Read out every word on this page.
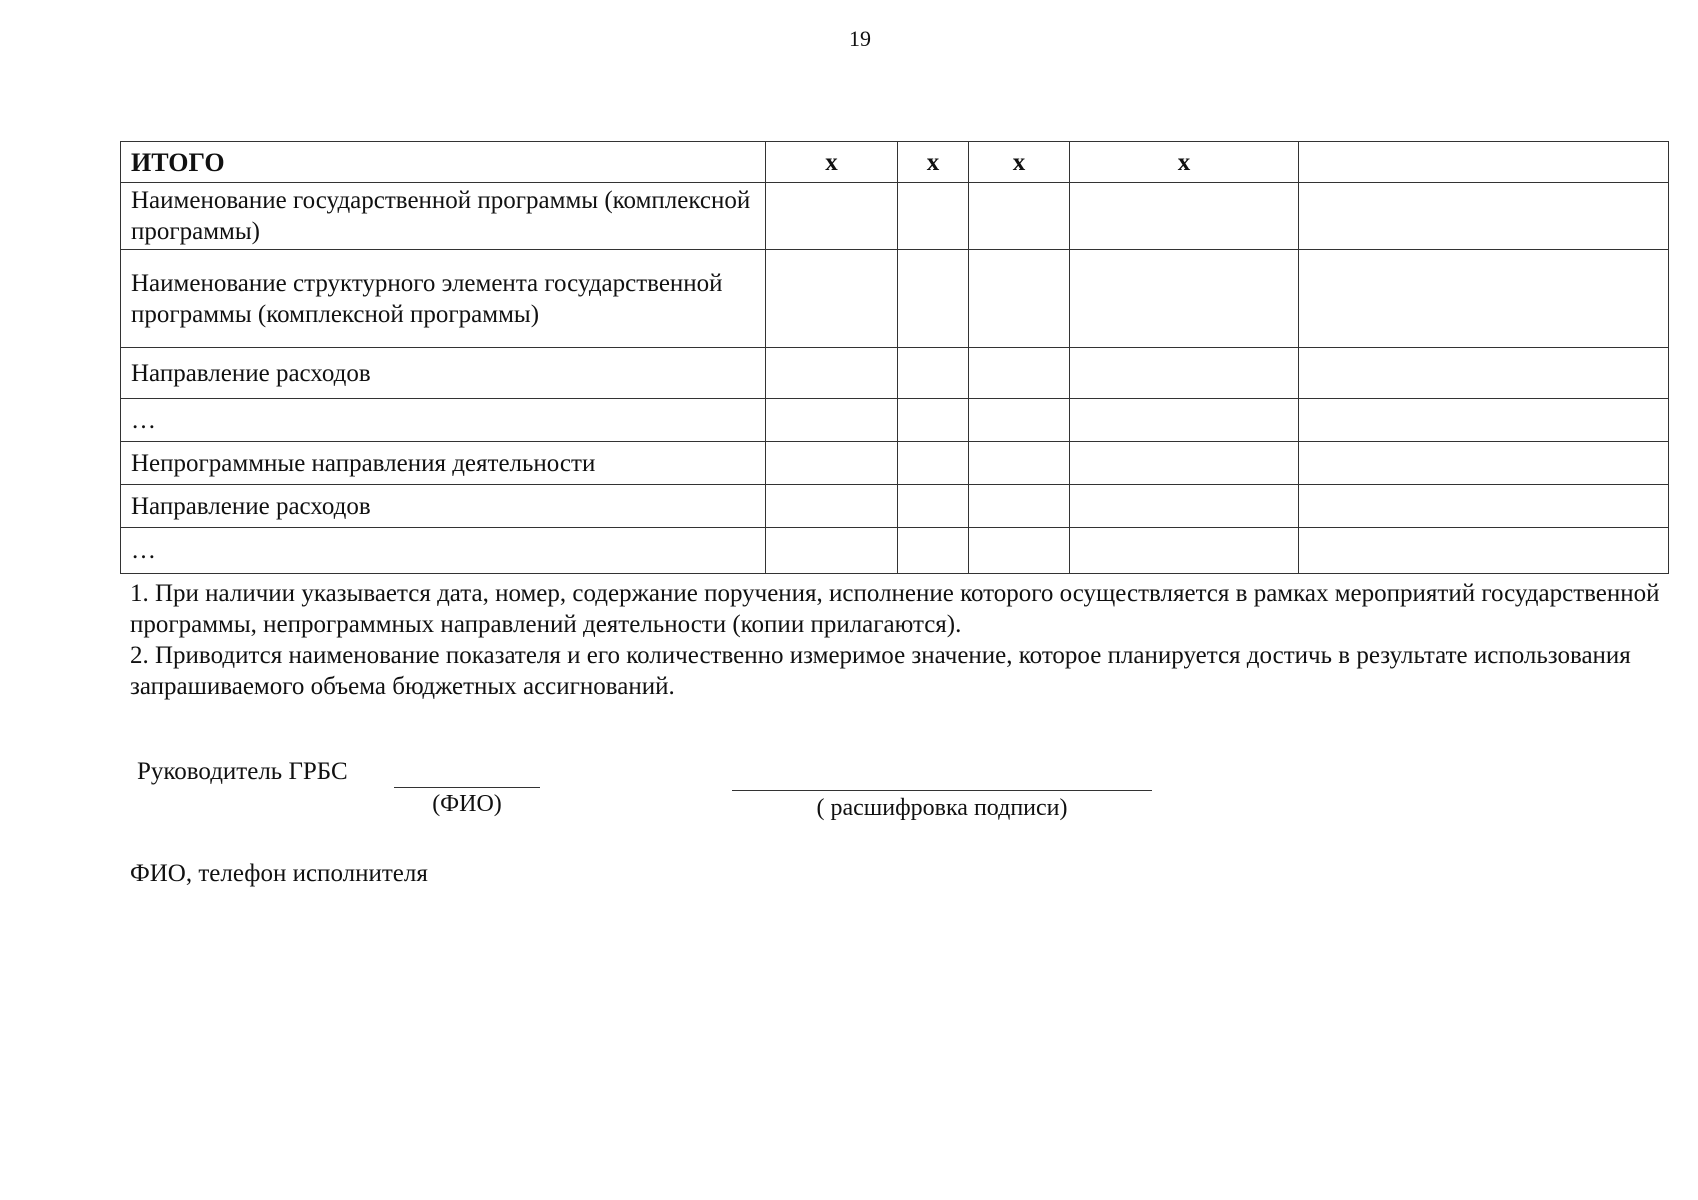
19
ИТОГО	х	х	х	х	
Наименование государственной программы (комплексной программы)					
Наименование структурного элемента государственной программы (комплексной программы)					
Направление расходов					
…					
Непрограммные направления деятельности					
Направление расходов					
…					

1. При наличии указывается дата, номер, содержание поручения, исполнение которого осуществляется в рамках мероприятий государственной программы, непрограммных направлений деятельности (копии прилагаются).

2. Приводится наименование показателя и его количественно измеримое значение, которое планируется достичь в результате использования запрашиваемого объема бюджетных ассигнований.

Руководитель ГРБС
(ФИО)	( расшифровка подписи)
ФИО, телефон исполнителя
